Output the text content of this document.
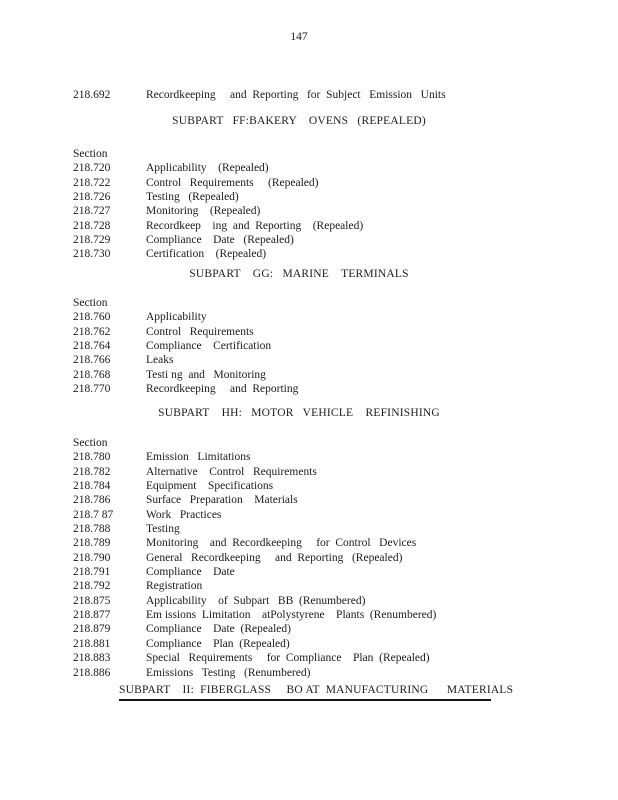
147
218.692	Recordkeeping     and  Reporting   for  Subject   Emission   Units
SUBPART   FF:BAKERY    OVENS   (REPEALED)
Section
218.720	Applicability    (Repealed)
218.722	Control   Requirements     (Repealed)
218.726	Testing   (Repealed)
218.727	Monitoring    (Repealed)
218.728	Recordkeep    ing  and  Reporting    (Repealed)
218.729	Compliance    Date   (Repealed)
218.730	Certification    (Repealed)
SUBPART    GG:   MARINE    TERMINALS
Section
218.760	Applicability
218.762	Control   Requirements
218.764	Compliance    Certification
218.766	Leaks
218.768	Testi ng  and   Monitoring
218.770	Recordkeeping     and  Reporting
SUBPART    HH:   MOTOR   VEHICLE    REFINISHING
Section
218.780	Emission   Limitations
218.782	Alternative    Control   Requirements
218.784	Equipment    Specifications
218.786	Surface   Preparation    Materials
218.7 87	Work   Practices
218.788	Testing
218.789	Monitoring    and  Recordkeeping     for  Control   Devices
218.790	General   Recordkeeping     and  Reporting   (Repealed)
218.791	Compliance    Date
218.792	Registration
218.875	Applicability    of  Subpart   BB  (Renumbered)
218.877	Em issions  Limitation    atPolystyrene    Plants  (Renumbered)
218.879	Compliance    Date  (Repealed)
218.881	Compliance    Plan  (Repealed)
218.883	Special   Requirements     for  Compliance    Plan  (Repealed)
218.886	Emissions   Testing   (Renumbered)
SUBPART    II:  FIBERGLASS     BO AT  MANUFACTURING      MATERIALS
